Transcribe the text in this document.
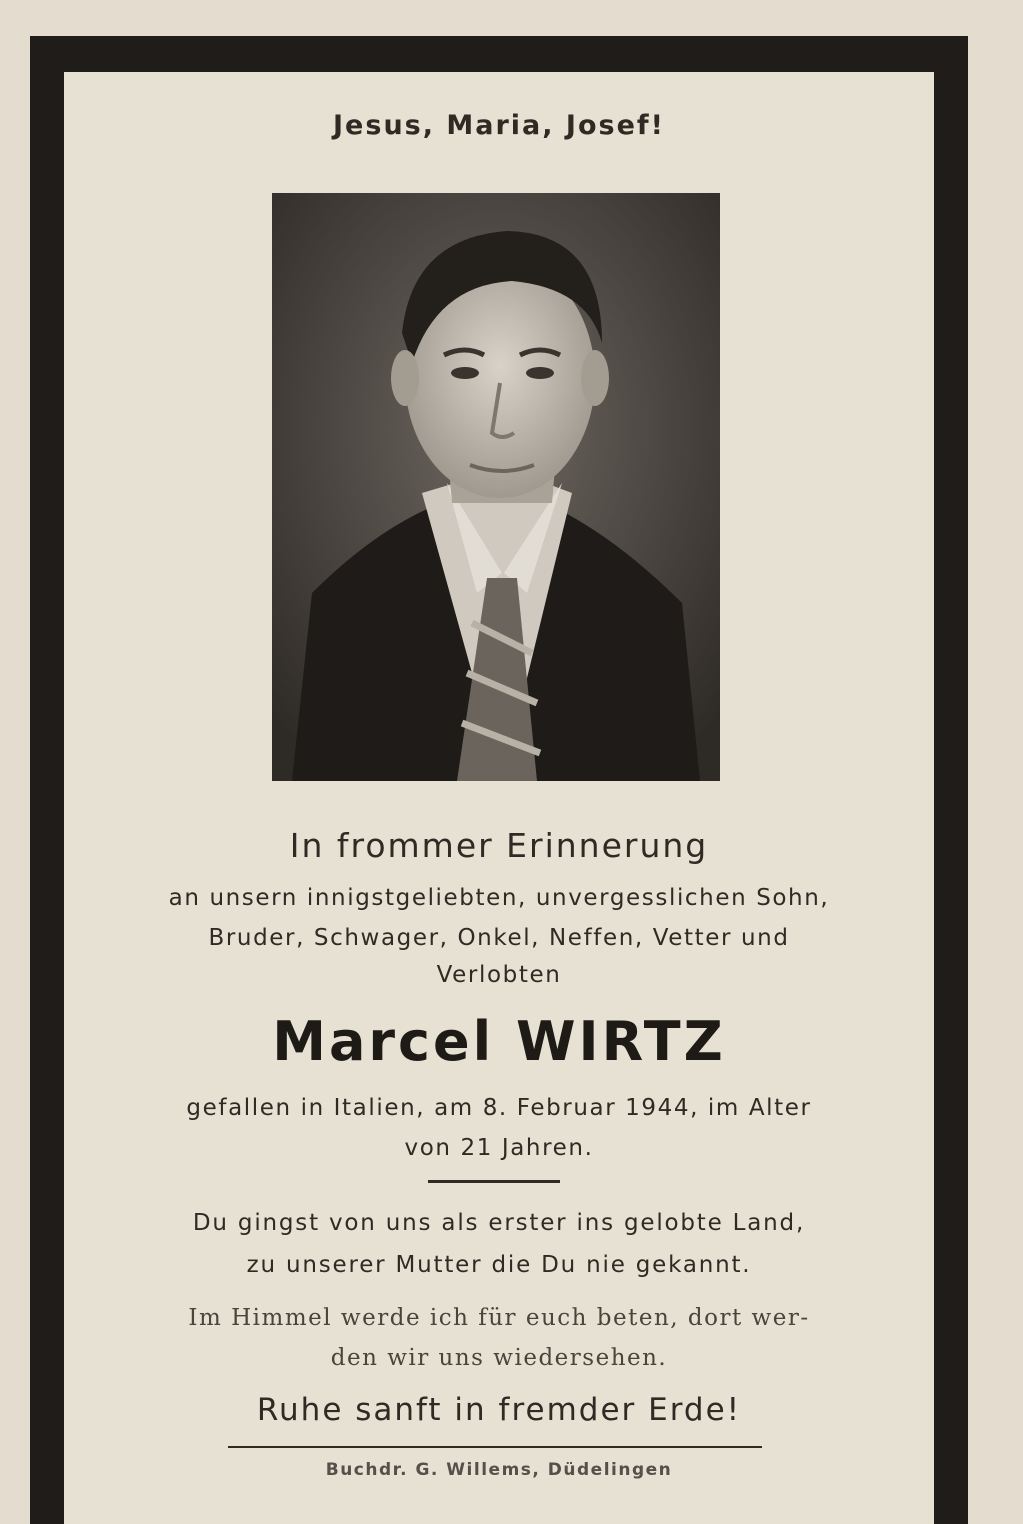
Jesus, Maria, Josef!
In frommer Erinnerung
an unsern innigstgeliebten, unvergesslichen Sohn,
Bruder, Schwager, Onkel, Neffen, Vetter und
Verlobten
Marcel WIRTZ
gefallen in Italien, am 8. Februar 1944, im Alter
von 21 Jahren.
Du gingst von uns als erster ins gelobte Land,
zu unserer Mutter die Du nie gekannt.
Im Himmel werde ich für euch beten, dort wer-
den wir uns wiedersehen.
Ruhe sanft in fremder Erde!
Buchdr. G. Willems, Düdelingen
